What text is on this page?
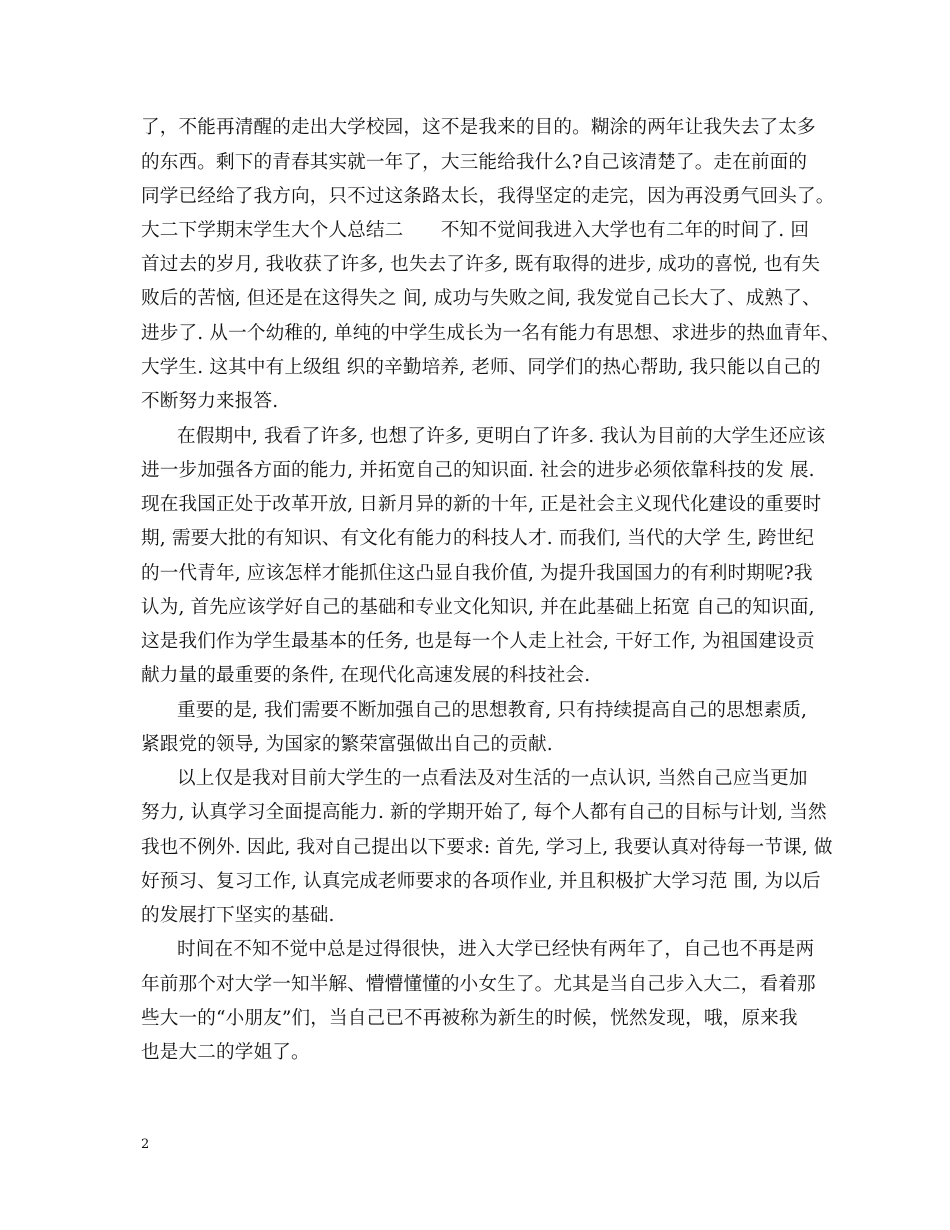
了，不能再清醒的走出大学校园，这不是我来的目的。糊涂的两年让我失去了太多
的东西。剩下的青春其实就一年了，大三能给我什么?自己该清楚了。走在前面的
同学已经给了我方向，只不过这条路太长，我得坚定的走完，因为再没勇气回头了。
大二下学期末学生大个人总结二　　不知不觉间我进入大学也有二年的时间了. 回
首过去的岁月, 我收获了许多, 也失去了许多, 既有取得的进步, 成功的喜悦, 也有失
败后的苦恼, 但还是在这得失之 间, 成功与失败之间, 我发觉自己长大了、成熟了、
进步了. 从一个幼稚的, 单纯的中学生成长为一名有能力有思想、求进步的热血青年、
大学生. 这其中有上级组 织的辛勤培养, 老师、同学们的热心帮助, 我只能以自己的
不断努力来报答.
在假期中, 我看了许多, 也想了许多, 更明白了许多. 我认为目前的大学生还应该
进一步加强各方面的能力, 并拓宽自己的知识面. 社会的进步必须依靠科技的发 展.
现在我国正处于改革开放, 日新月异的新的十年, 正是社会主义现代化建设的重要时
期, 需要大批的有知识、有文化有能力的科技人才. 而我们, 当代的大学 生, 跨世纪
的一代青年, 应该怎样才能抓住这凸显自我价值, 为提升我国国力的有利时期呢?我
认为, 首先应该学好自己的基础和专业文化知识, 并在此基础上拓宽 自己的知识面,
这是我们作为学生最基本的任务, 也是每一个人走上社会, 干好工作, 为祖国建设贡
献力量的最重要的条件, 在现代化高速发展的科技社会.
重要的是, 我们需要不断加强自己的思想教育, 只有持续提高自己的思想素质,
紧跟党的领导, 为国家的繁荣富强做出自己的贡献.
以上仅是我对目前大学生的一点看法及对生活的一点认识, 当然自己应当更加
努力, 认真学习全面提高能力. 新的学期开始了, 每个人都有自己的目标与计划, 当然
我也不例外. 因此, 我对自己提出以下要求: 首先, 学习上, 我要认真对待每一节课, 做
好预习、复习工作, 认真完成老师要求的各项作业, 并且积极扩大学习范 围, 为以后
的发展打下坚实的基础.
时间在不知不觉中总是过得很快，进入大学已经快有两年了，自己也不再是两
年前那个对大学一知半解、懵懵懂懂的小女生了。尤其是当自己步入大二，看着那
些大一的“小朋友”们，当自己已不再被称为新生的时候，恍然发现，哦，原来我
也是大二的学姐了。
2
